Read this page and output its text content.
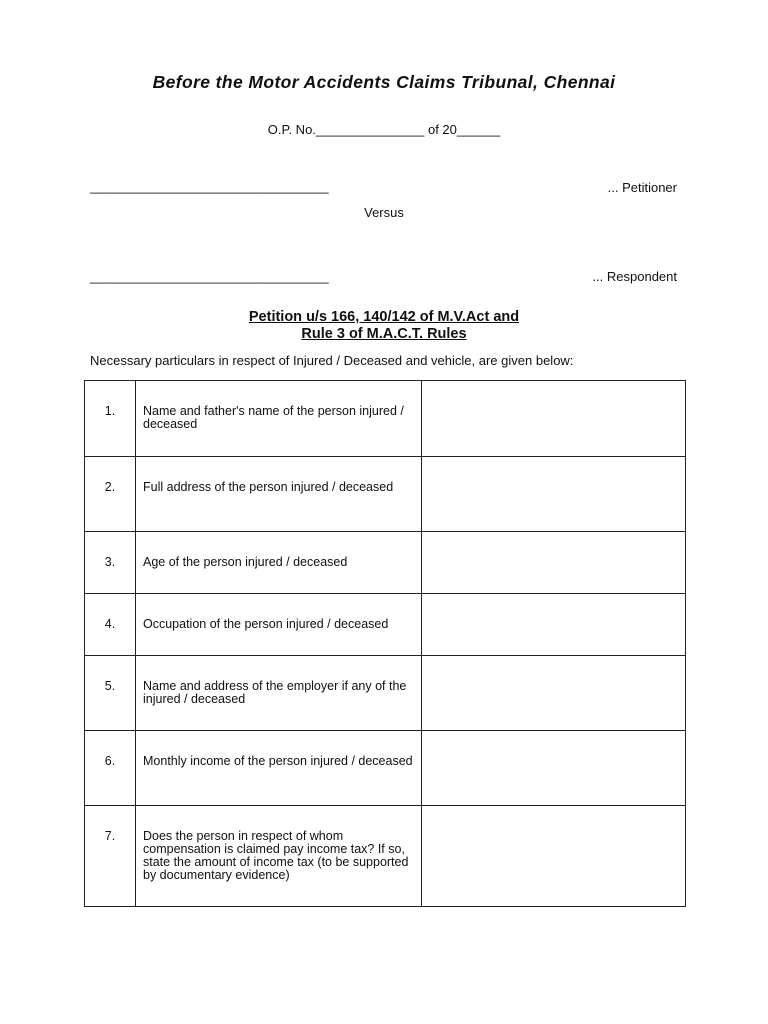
Before the Motor Accidents Claims Tribunal, Chennai
O.P. No._______________ of 20______
_________________________________	... Petitioner
Versus
_________________________________	... Respondent
Petition u/s 166, 140/142 of M.V.Act and
Rule 3 of M.A.C.T. Rules
Necessary particulars in respect of Injured / Deceased and vehicle, are given below:
1.	Name and father's name of the person injured / deceased	

2.	Full address of the person injured / deceased	

3.	Age of the person injured / deceased	

4.	Occupation of the person injured / deceased	

5.	Name and address of the employer if any of the injured / deceased	

6.	Monthly income of the person injured / deceased	

7.	Does the person in respect of whom compensation is claimed pay income tax? If so, state the amount of income tax (to be supported by documentary evidence)	
